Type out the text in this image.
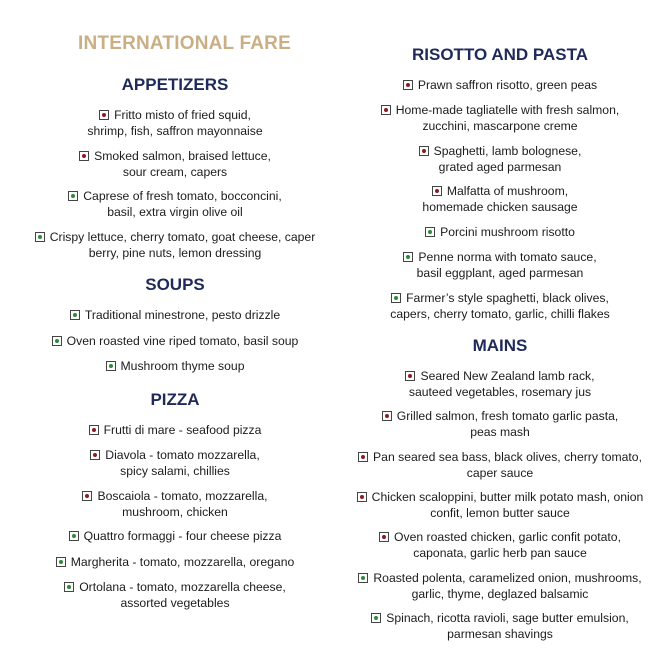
INTERNATIONAL FARE
APPETIZERS
Fritto misto of fried squid,
shrimp, fish, saffron mayonnaise
Smoked salmon, braised lettuce,
sour cream, capers
Caprese of fresh tomato, bocconcini,
basil, extra virgin olive oil
Crispy lettuce, cherry tomato, goat cheese, caper
berry, pine nuts, lemon dressing
SOUPS
Traditional minestrone, pesto drizzle
Oven roasted vine riped tomato, basil soup
Mushroom thyme soup
PIZZA
Frutti di mare - seafood pizza
Diavola - tomato mozzarella,
spicy salami, chillies
Boscaiola - tomato, mozzarella,
mushroom, chicken
Quattro formaggi - four cheese pizza
Margherita - tomato, mozzarella, oregano
Ortolana - tomato, mozzarella cheese,
assorted vegetables
RISOTTO AND PASTA
Prawn saffron risotto, green peas
Home-made tagliatelle with fresh salmon,
zucchini, mascarpone creme
Spaghetti, lamb bolognese,
grated aged parmesan
Malfatta of mushroom,
homemade chicken sausage
Porcini mushroom risotto
Penne norma with tomato sauce,
basil eggplant, aged parmesan
Farmer’s style spaghetti, black olives,
capers, cherry tomato, garlic, chilli flakes
MAINS
Seared New Zealand lamb rack,
sauteed vegetables, rosemary jus
Grilled salmon, fresh tomato garlic pasta,
peas mash
Pan seared sea bass, black olives, cherry tomato,
caper sauce
Chicken scaloppini, butter milk potato mash, onion
confit, lemon butter sauce
Oven roasted chicken, garlic confit potato,
caponata, garlic herb pan sauce
Roasted polenta, caramelized onion, mushrooms,
garlic, thyme, deglazed balsamic
Spinach, ricotta ravioli, sage butter emulsion,
parmesan shavings
